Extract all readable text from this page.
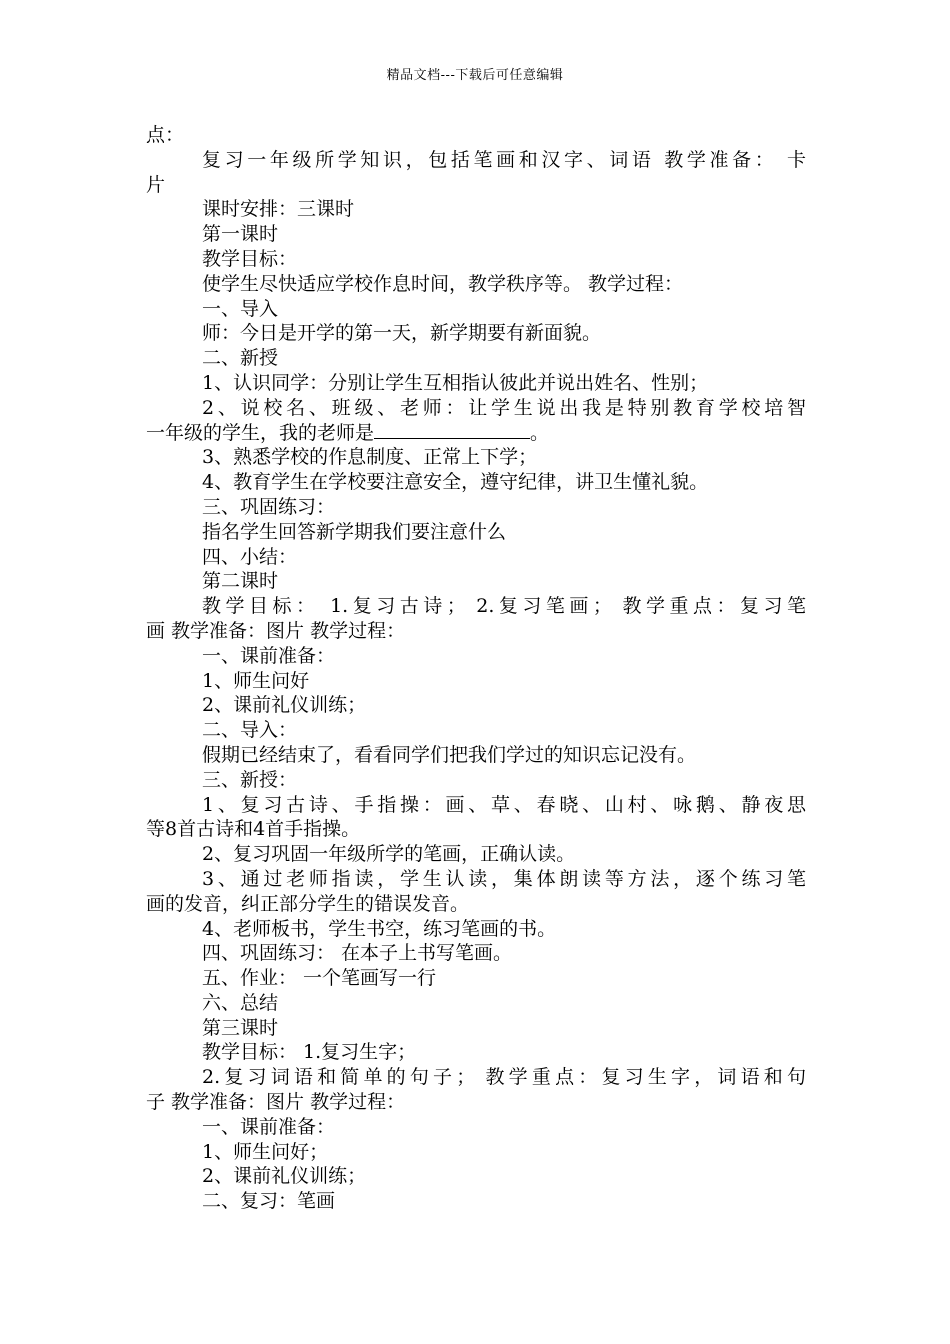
精品文档---下载后可任意编辑
点：
复习一年级所学知识，包括笔画和汉字、词语 教学准备： 卡
片
课时安排：三课时
第一课时
教学目标：
使学生尽快适应学校作息时间，教学秩序等。 教学过程：
一、导入
师：今日是开学的第一天，新学期要有新面貌。
二、新授
1、认识同学：分别让学生互相指认彼此并说出姓名、性别；
2、说校名、班级、老师：让学生说出我是特别教育学校培智
一年级的学生，我的老师是	。
3、熟悉学校的作息制度、正常上下学；
4、教育学生在学校要注意安全，遵守纪律，讲卫生懂礼貌。
三、巩固练习：
指名学生回答新学期我们要注意什么
四、小结：
第二课时
教学目标： 1.复习古诗； 2.复习笔画； 教学重点：复习笔
画 教学准备：图片 教学过程：
一、课前准备：
1、师生问好
2、课前礼仪训练；
二、导入：
假期已经结束了，看看同学们把我们学过的知识忘记没有。
三、新授：
1、复习古诗、手指操：画、草、春晓、山村、咏鹅、静夜思
等8首古诗和4首手指操。
2、复习巩固一年级所学的笔画，正确认读。
3、通过老师指读，学生认读，集体朗读等方法，逐个练习笔
画的发音，纠正部分学生的错误发音。
4、老师板书，学生书空，练习笔画的书。
四、巩固练习： 在本子上书写笔画。
五、作业： 一个笔画写一行
六、总结
第三课时
教学目标： 1.复习生字；
2.复习词语和简单的句子； 教学重点：复习生字，词语和句
子 教学准备：图片 教学过程：
一、课前准备：
1、师生问好；
2、课前礼仪训练；
二、复习：笔画
